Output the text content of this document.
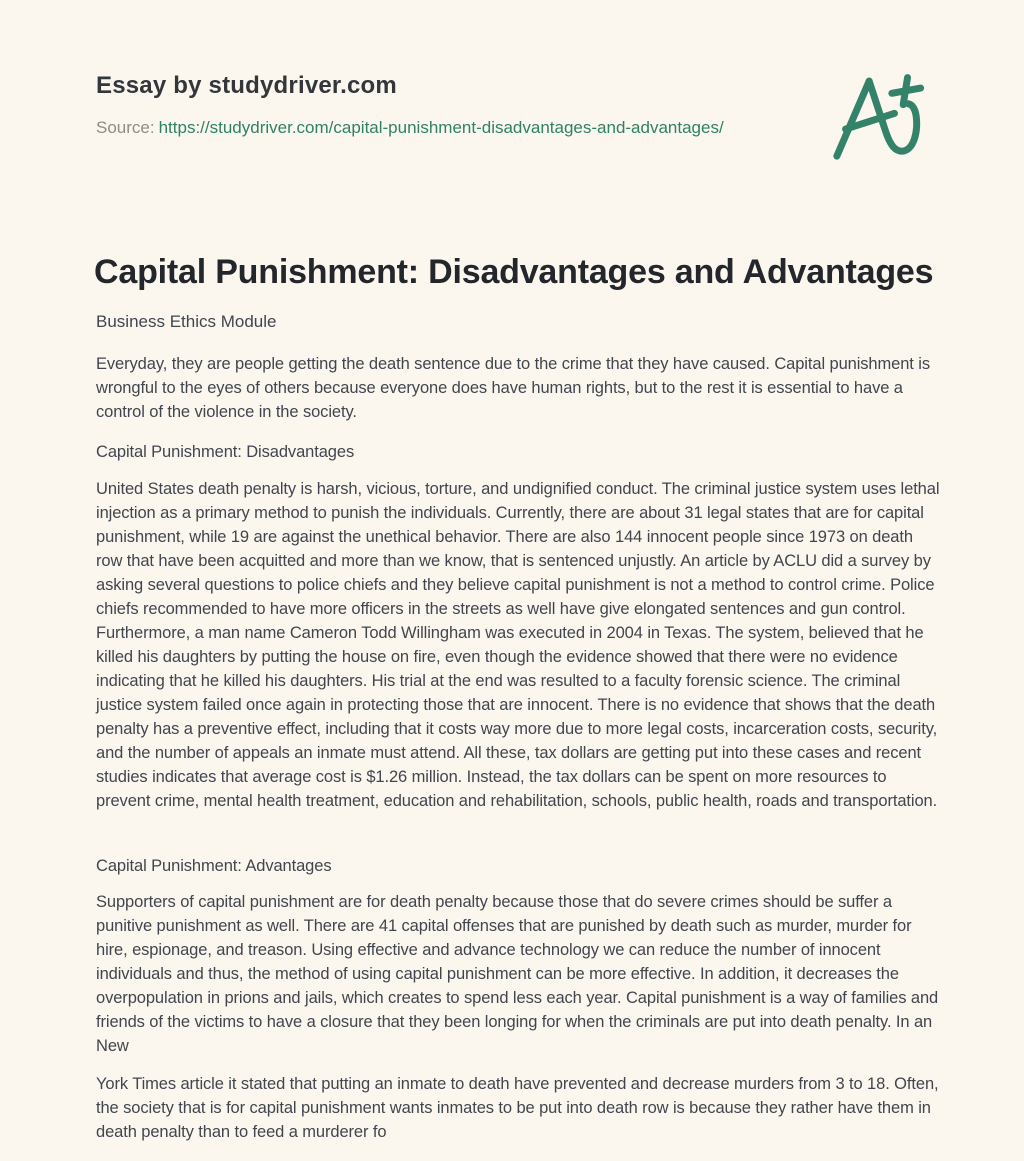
Essay by studydriver.com
Source: https://studydriver.com/capital-punishment-disadvantages-and-advantages/
Capital Punishment: Disadvantages and Advantages
Business Ethics Module

Everyday, they are people getting the death sentence due to the crime that they have caused. Capital punishment is wrongful to the eyes of others because everyone does have human rights, but to the rest it is essential to have a control of the violence in the society.

Capital Punishment: Disadvantages

United States death penalty is harsh, vicious, torture, and undignified conduct. The criminal justice system uses lethal injection as a primary method to punish the individuals. Currently, there are about 31 legal states that are for capital punishment, while 19 are against the unethical behavior. There are also 144 innocent people since 1973 on death row that have been acquitted and more than we know, that is sentenced unjustly. An article by ACLU did a survey by asking several questions to police chiefs and they believe capital punishment is not a method to control crime. Police chiefs recommended to have more officers in the streets as well have give elongated sentences and gun control. Furthermore, a man name Cameron Todd Willingham was executed in 2004 in Texas. The system, believed that he killed his daughters by putting the house on fire, even though the evidence showed that there were no evidence indicating that he killed his daughters. His trial at the end was resulted to a faculty forensic science. The criminal justice system failed once again in protecting those that are innocent. There is no evidence that shows that the death penalty has a preventive effect, including that it costs way more due to more legal costs, incarceration costs, security, and the number of appeals an inmate must attend. All these, tax dollars are getting put into these cases and recent studies indicates that average cost is $1.26 million. Instead, the tax dollars can be spent on more resources to prevent crime, mental health treatment, education and rehabilitation, schools, public health, roads and transportation.

Capital Punishment: Advantages

Supporters of capital punishment are for death penalty because those that do severe crimes should be suffer a punitive punishment as well. There are 41 capital offenses that are punished by death such as murder, murder for hire, espionage, and treason. Using effective and advance technology we can reduce the number of innocent individuals and thus, the method of using capital punishment can be more effective. In addition, it decreases the overpopulation in prions and jails, which creates to spend less each year. Capital punishment is a way of families and friends of the victims to have a closure that they been longing for when the criminals are put into death penalty. In an New

York Times article it stated that putting an inmate to death have prevented and decrease murders from 3 to 18. Often, the society that is for capital punishment wants inmates to be put into death row is because they rather have them in death penalty than to feed a murderer fo
